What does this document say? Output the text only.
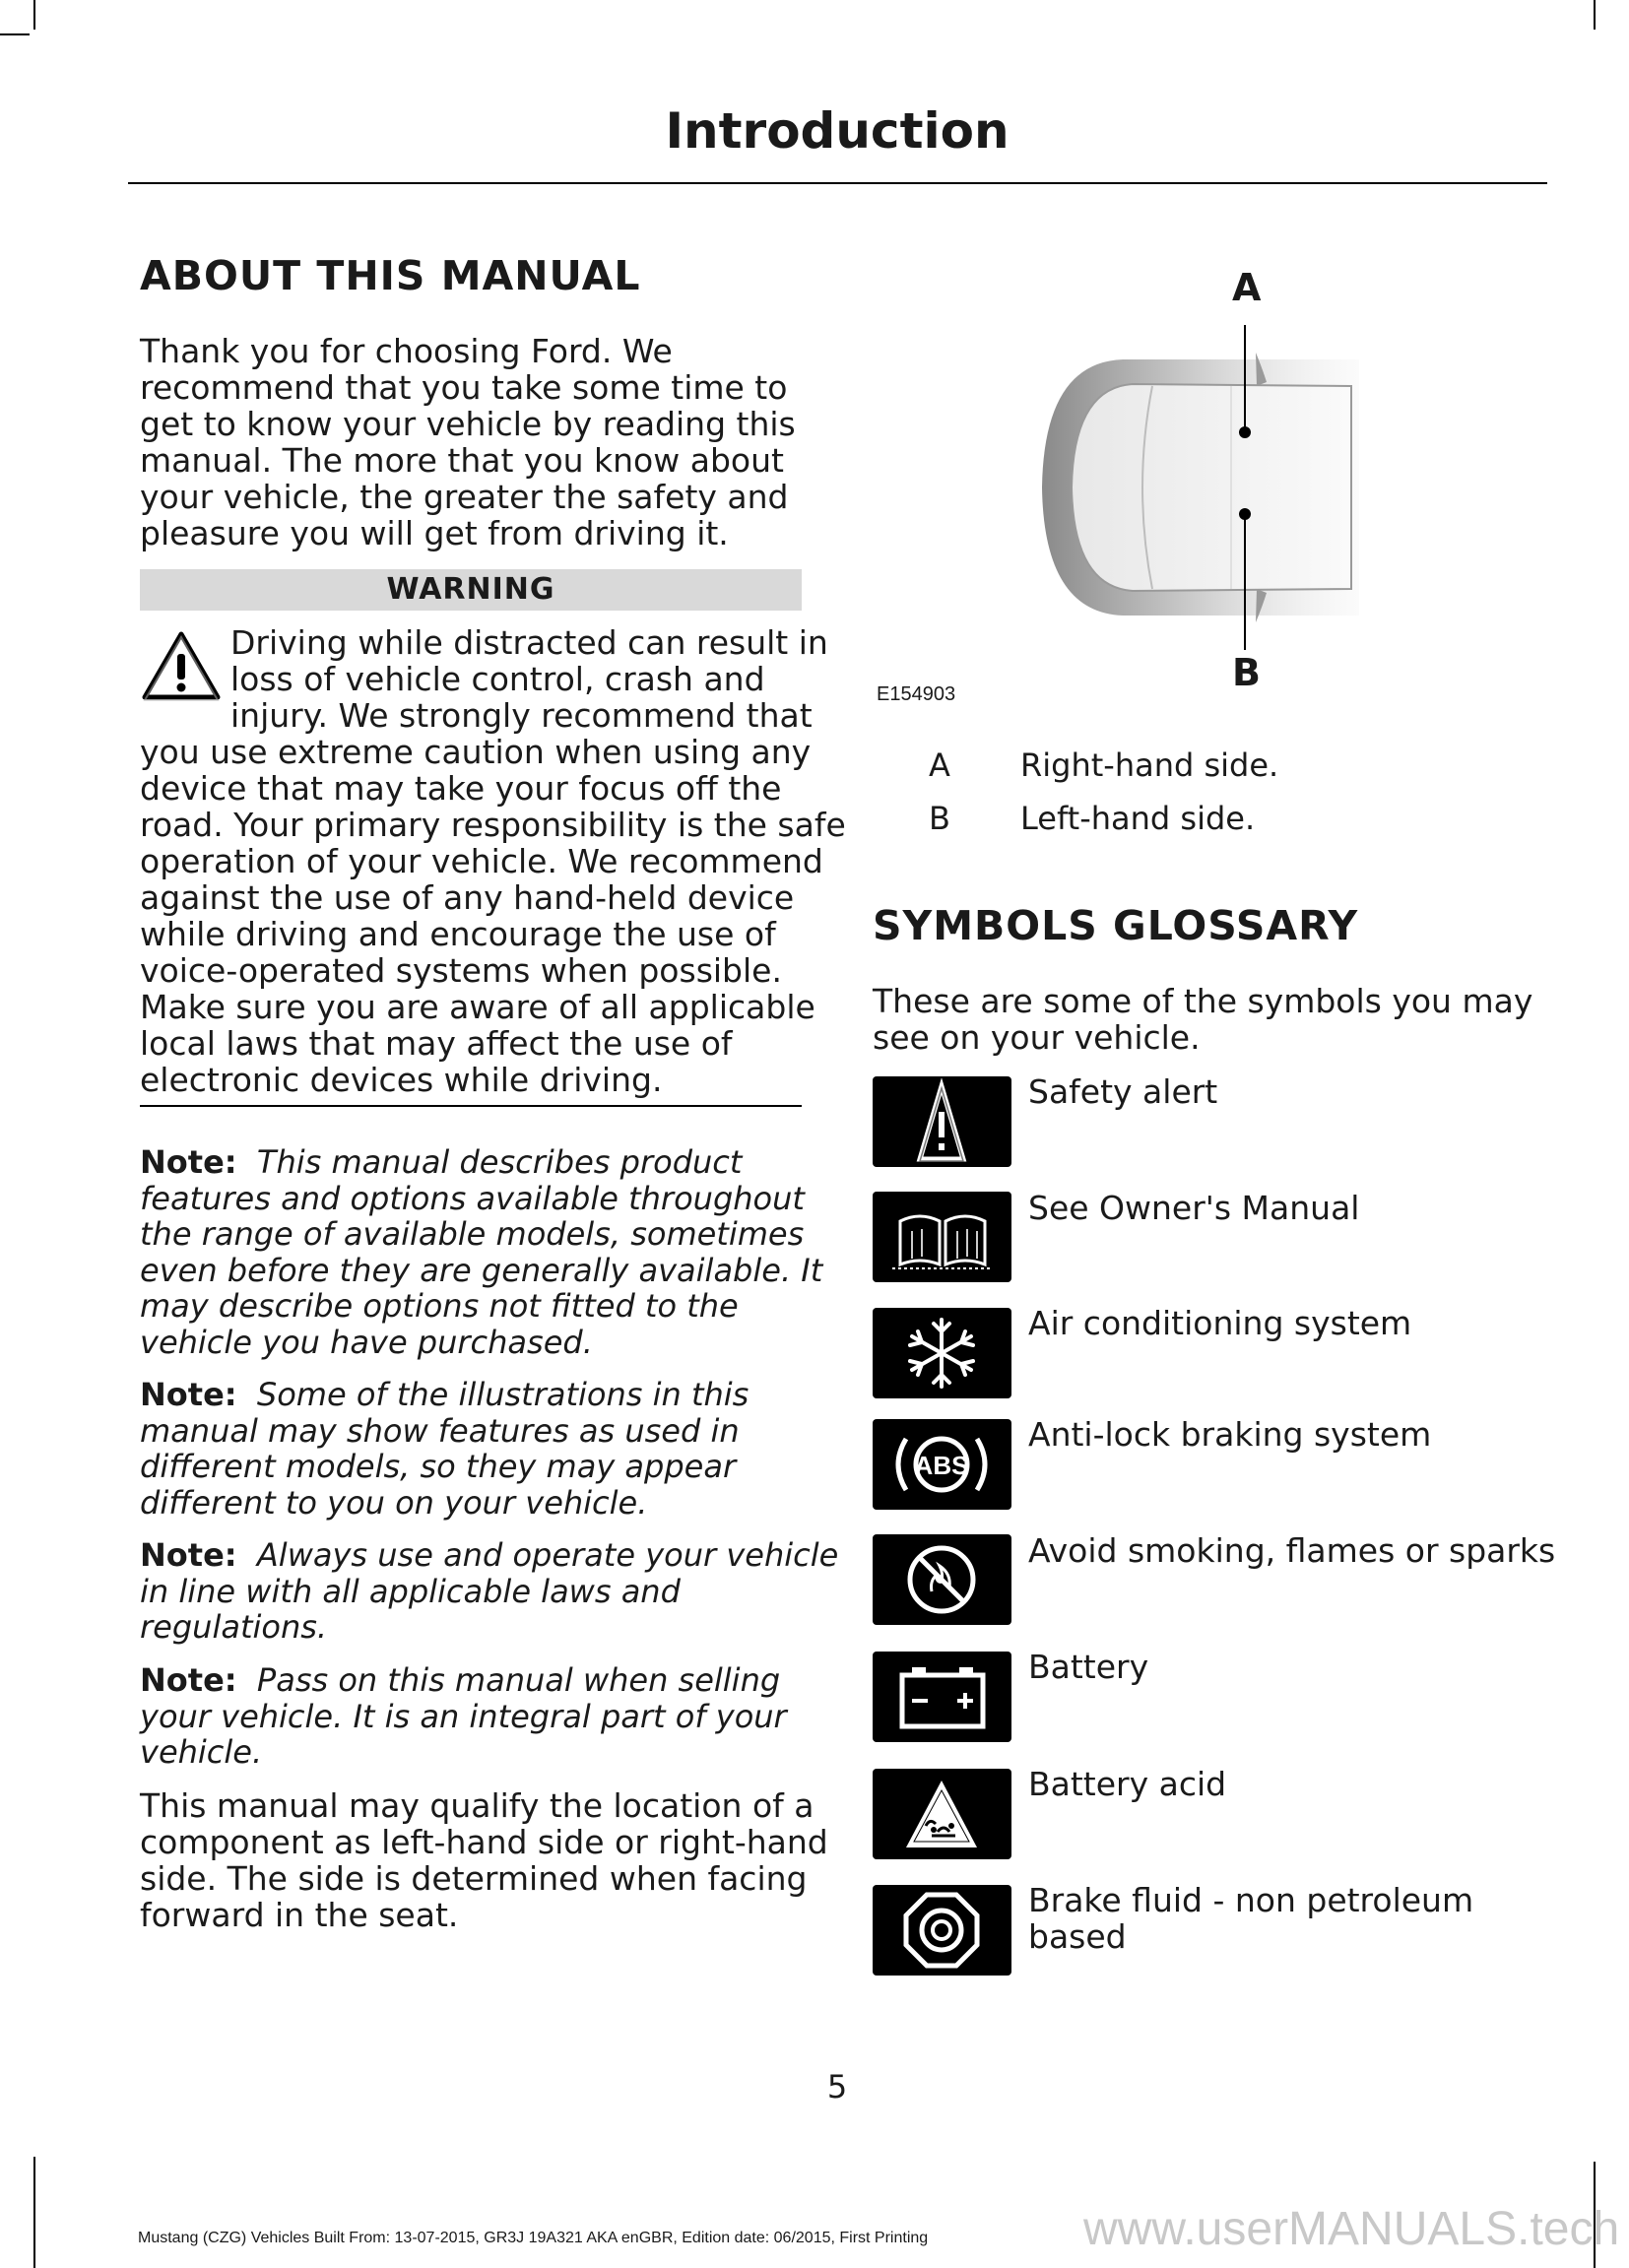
Introduction
ABOUT THIS MANUAL
Thank you for choosing Ford. We
recommend that you take some time to
get to know your vehicle by reading this
manual. The more that you know about
your vehicle, the greater the safety and
pleasure you will get from driving it.
WARNING
Driving while distracted can result in
loss of vehicle control, crash and
injury. We strongly recommend that
you use extreme caution when using any
device that may take your focus off the
road. Your primary responsibility is the safe
operation of your vehicle. We recommend
against the use of any hand-held device
while driving and encourage the use of
voice-operated systems when possible.
Make sure you are aware of all applicable
local laws that may affect the use of
electronic devices while driving.
Note: This manual describes product
features and options available throughout
the range of available models, sometimes
even before they are generally available. It
may describe options not fitted to the
vehicle you have purchased.
Note: Some of the illustrations in this
manual may show features as used in
different models, so they may appear
different to you on your vehicle.
Note: Always use and operate your vehicle
in line with all applicable laws and
regulations.
Note: Pass on this manual when selling
your vehicle. It is an integral part of your
vehicle.
This manual may qualify the location of a
component as left-hand side or right-hand
side. The side is determined when facing
forward in the seat.
A
B
E154903
A Right-hand side.
B Left-hand side.
SYMBOLS GLOSSARY
These are some of the symbols you may
see on your vehicle.
Safety alert
See Owner's Manual
Air conditioning system
ABS
Anti-lock braking system
Avoid smoking, flames or sparks
Battery
Battery acid
Brake fluid - non petroleum
based
5
Mustang (CZG) Vehicles Built From: 13-07-2015, GR3J 19A321 AKA enGBR, Edition date: 06/2015, First Printing	www.userMANUALS.tech
